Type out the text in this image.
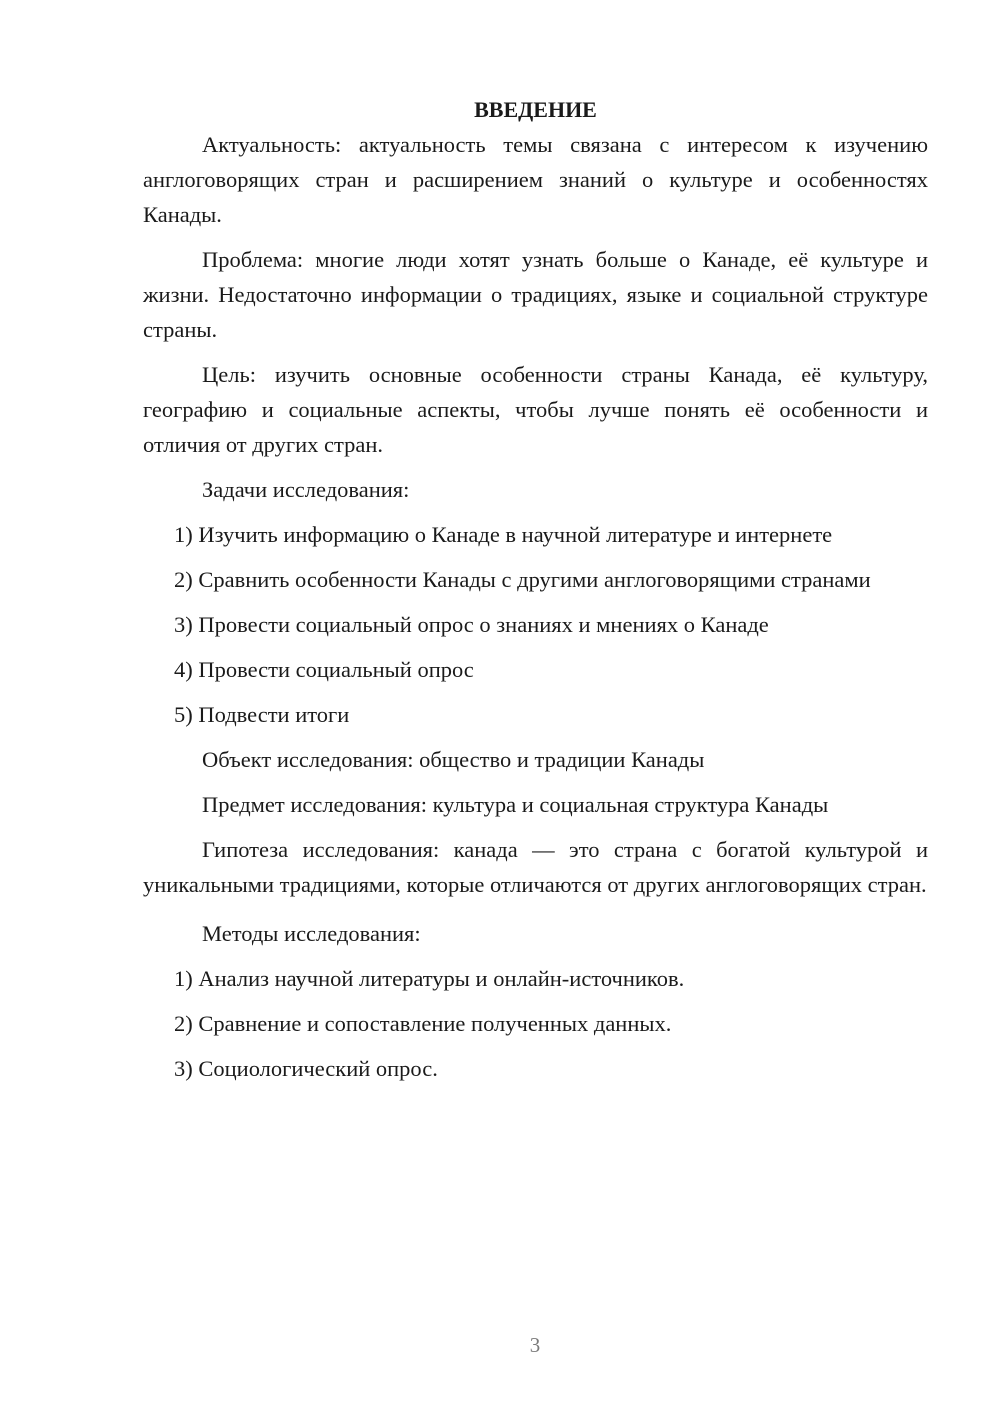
ВВЕДЕНИЕ

Актуальность: актуальность темы связана с интересом к изучению англоговорящих стран и расширением знаний о культуре и особенностях Канады.

Проблема: многие люди хотят узнать больше о Канаде, её культуре и жизни. Недостаточно информации о традициях, языке и социальной структуре страны.

Цель: изучить основные особенности страны Канада, её культуру, географию и социальные аспекты, чтобы лучше понять её особенности и отличия от других стран.

Задачи исследования:

1) Изучить информацию о Канаде в научной литературе и интернете

2) Сравнить особенности Канады с другими англоговорящими странами

3) Провести социальный опрос о знаниях и мнениях о Канаде

4) Провести социальный опрос

5) Подвести итоги

Объект исследования: общество и традиции Канады

Предмет исследования: культура и социальная структура Канады

Гипотеза исследования: канада — это страна с богатой культурой и уникальными традициями, которые отличаются от других англоговорящих стран.

Методы исследования:

1) Анализ научной литературы и онлайн-источников.

2) Сравнение и сопоставление полученных данных.

3) Социологический опрос.

3
